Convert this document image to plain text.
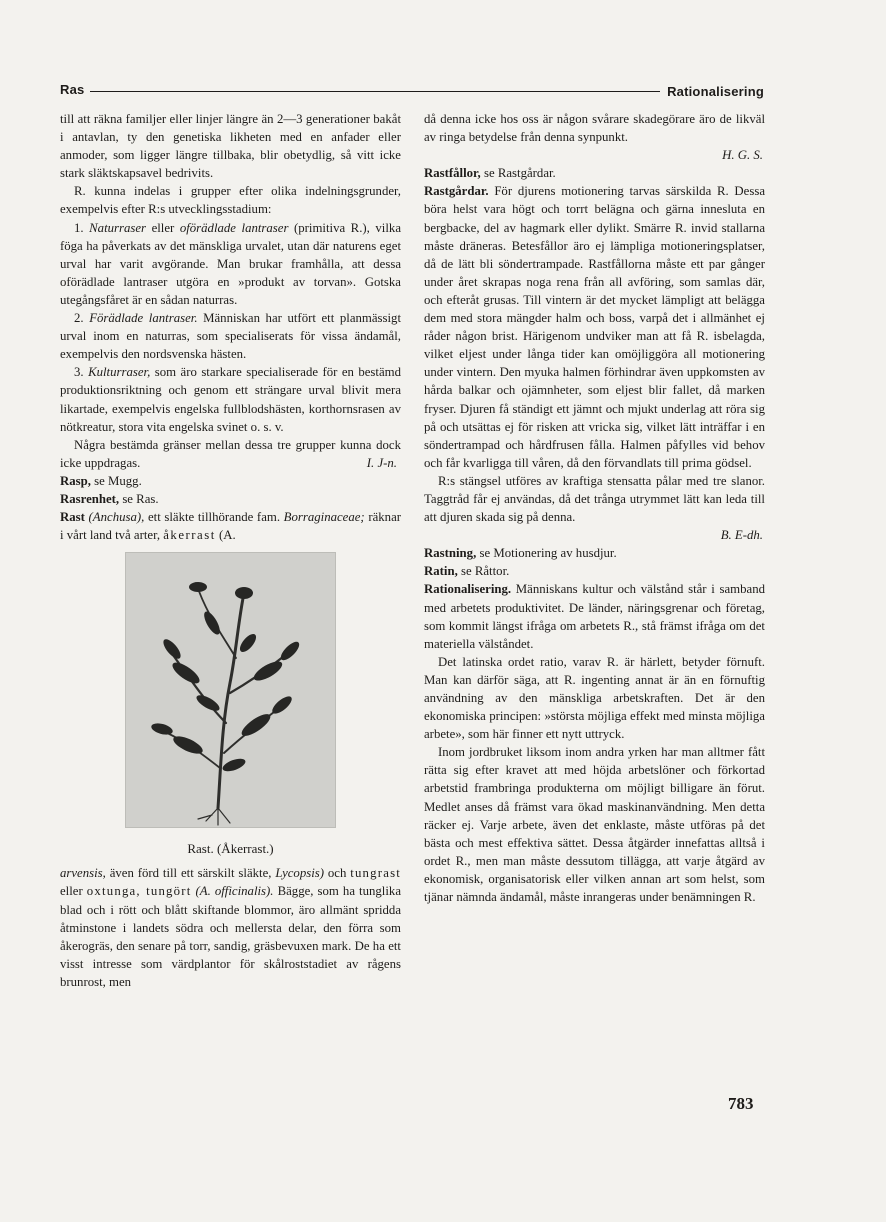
Ras	Rationalisering

till att räkna familjer eller linjer längre än 2—3 generationer bakåt i antavlan, ty den genetiska likheten med en anfader eller anmoder, som ligger längre tillbaka, blir obetydlig, så vitt icke stark släktskapsavel bedrivits.

R. kunna indelas i grupper efter olika indelningsgrunder, exempelvis efter R:s utvecklingsstadium:

1. Naturraser eller oförädlade lantraser (primitiva R.), vilka föga ha påverkats av det mänskliga urvalet, utan där naturens eget urval har varit avgörande. Man brukar framhålla, att dessa oförädlade lantraser utgöra en »produkt av torvan». Gotska utegångsfåret är en sådan naturras.

2. Förädlade lantraser. Människan har utfört ett planmässigt urval inom en naturras, som specialiserats för vissa ändamål, exempelvis den nordsvenska hästen.

3. Kulturraser, som äro starkare specialiserade för en bestämd produktionsriktning och genom ett strängare urval blivit mera likartade, exempelvis engelska fullblodshästen, korthornsrasen av nötkreatur, stora vita engelska svinet o. s. v.

Några bestämda gränser mellan dessa tre grupper kunna dock icke uppdragas.	I. J-n.

Rasp, se Mugg.

Rasrenhet, se Ras.

Rast (Anchusa), ett släkte tillhörande fam. Borraginaceae; räknar i vårt land två arter, åkerrast (A.

Rast. (Åkerrast.)

arvensis, även förd till ett särskilt släkte, Lycopsis) och tungrast eller oxtunga, tungört (A. officinalis). Bägge, som ha tunglika blad och i rött och blått skiftande blommor, äro allmänt spridda åtminstone i landets södra och mellersta delar, den förra som åkerogräs, den senare på torr, sandig, gräsbevuxen mark. De ha ett visst intresse som värdplantor för skålroststadiet av rågens brunrost, men

då denna icke hos oss är någon svårare skadegörare äro de likväl av ringa betydelse från denna synpunkt.

H. G. S.

Rastfållor, se Rastgårdar.

Rastgårdar. För djurens motionering tarvas särskilda R. Dessa böra helst vara högt och torrt belägna och gärna innesluta en bergbacke, del av hagmark eller dylikt. Smärre R. invid stallarna måste dräneras. Betesfållor äro ej lämpliga motioneringsplatser, då de lätt bli söndertrampade. Rastfållorna måste ett par gånger under året skrapas noga rena från all avföring, som samlas där, och efteråt grusas. Till vintern är det mycket lämpligt att belägga dem med stora mängder halm och boss, varpå det i allmänhet ej råder någon brist. Härigenom undviker man att få R. isbelagda, vilket eljest under långa tider kan omöjliggöra all motionering under vintern. Den myuka halmen förhindrar även uppkomsten av hårda balkar och ojämnheter, som eljest blir fallet, då marken fryser. Djuren få ständigt ett jämnt och mjukt underlag att röra sig på och utsättas ej för risken att vricka sig, vilket lätt inträffar i en söndertrampad och hårdfrusen fålla. Halmen påfylles vid behov och får kvarligga till våren, då den förvandlats till prima gödsel.

R:s stängsel utföres av kraftiga stensatta pålar med tre slanor. Taggtråd får ej användas, då det trånga utrymmet lätt kan leda till att djuren skada sig på denna.

B. E-dh.

Rastning, se Motionering av husdjur.

Ratin, se Råttor.

Rationalisering. Människans kultur och välstånd står i samband med arbetets produktivitet. De länder, näringsgrenar och företag, som kommit längst ifråga om arbetets R., stå främst ifråga om det materiella välståndet.

Det latinska ordet ratio, varav R. är härlett, betyder förnuft. Man kan därför säga, att R. ingenting annat är än en förnuftig användning av den mänskliga arbetskraften. Det är den ekonomiska principen: »största möjliga effekt med minsta möjliga arbete», som här finner ett nytt uttryck.

Inom jordbruket liksom inom andra yrken har man alltmer fått rätta sig efter kravet att med höjda arbetslöner och förkortad arbetstid frambringa produkterna om möjligt billigare än förut. Medlet anses då främst vara ökad maskinanvändning. Men detta räcker ej. Varje arbete, även det enklaste, måste utföras på det bästa och mest effektiva sättet. Dessa åtgärder innefattas alltså i ordet R., men man måste dessutom tillägga, att varje åtgärd av ekonomisk, organisatorisk eller vilken annan art som helst, som tjänar nämnda ändamål, måste inrangeras under benämningen R.

783
